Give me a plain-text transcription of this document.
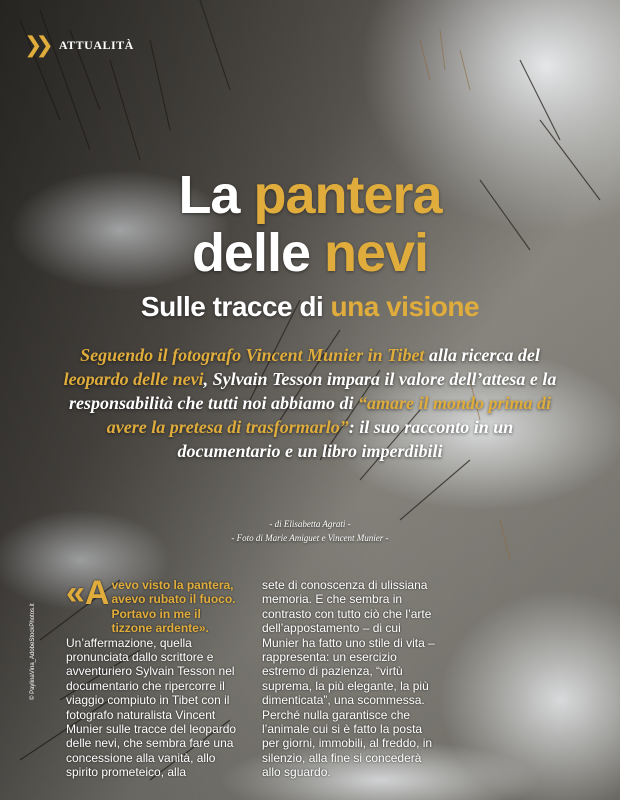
❯❯ ATTUALITÀ
La pantera
delle nevi
Sulle tracce di una visione
Seguendo il fotografo Vincent Munier in Tibet alla ricerca del leopardo delle nevi, Sylvain Tesson impara il valore dell’attesa e la responsabilità che tutti noi abbiamo di “amare il mondo prima di avere la pretesa di trasformarlo”: il suo racconto in un documentario e un libro imperdibili
- di Elisabetta Agrati -
- Foto di Marie Amiguet e Vincent Munier -
«A vevo visto la pantera, avevo rubato il fuoco. Portavo in me il tizzone ardente».

Un’affermazione, quella pronunciata dallo scrittore e avventuriero Sylvain Tesson nel documentario che ripercorre il viaggio compiuto in Tibet con il fotografo naturalista Vincent Munier sulle tracce del leopardo delle nevi, che sembra fare una concessione alla vanità, allo spirito prometeico, alla

sete di conoscenza di ulissiana memoria. E che sembra in contrasto con tutto ciò che l’arte dell’appostamento – di cui Munier ha fatto uno stile di vita – rappresenta: un esercizio estremo di pazienza, “virtù suprema, la più elegante, la più dimenticata”, una scommessa. Perché nulla garantisce che l’animale cui si è fatto la posta per giorni, immobili, al freddo, in silenzio, alla fine si concederà allo sguardo.

© PaylinaVina_AdobeStockPhotos.it
